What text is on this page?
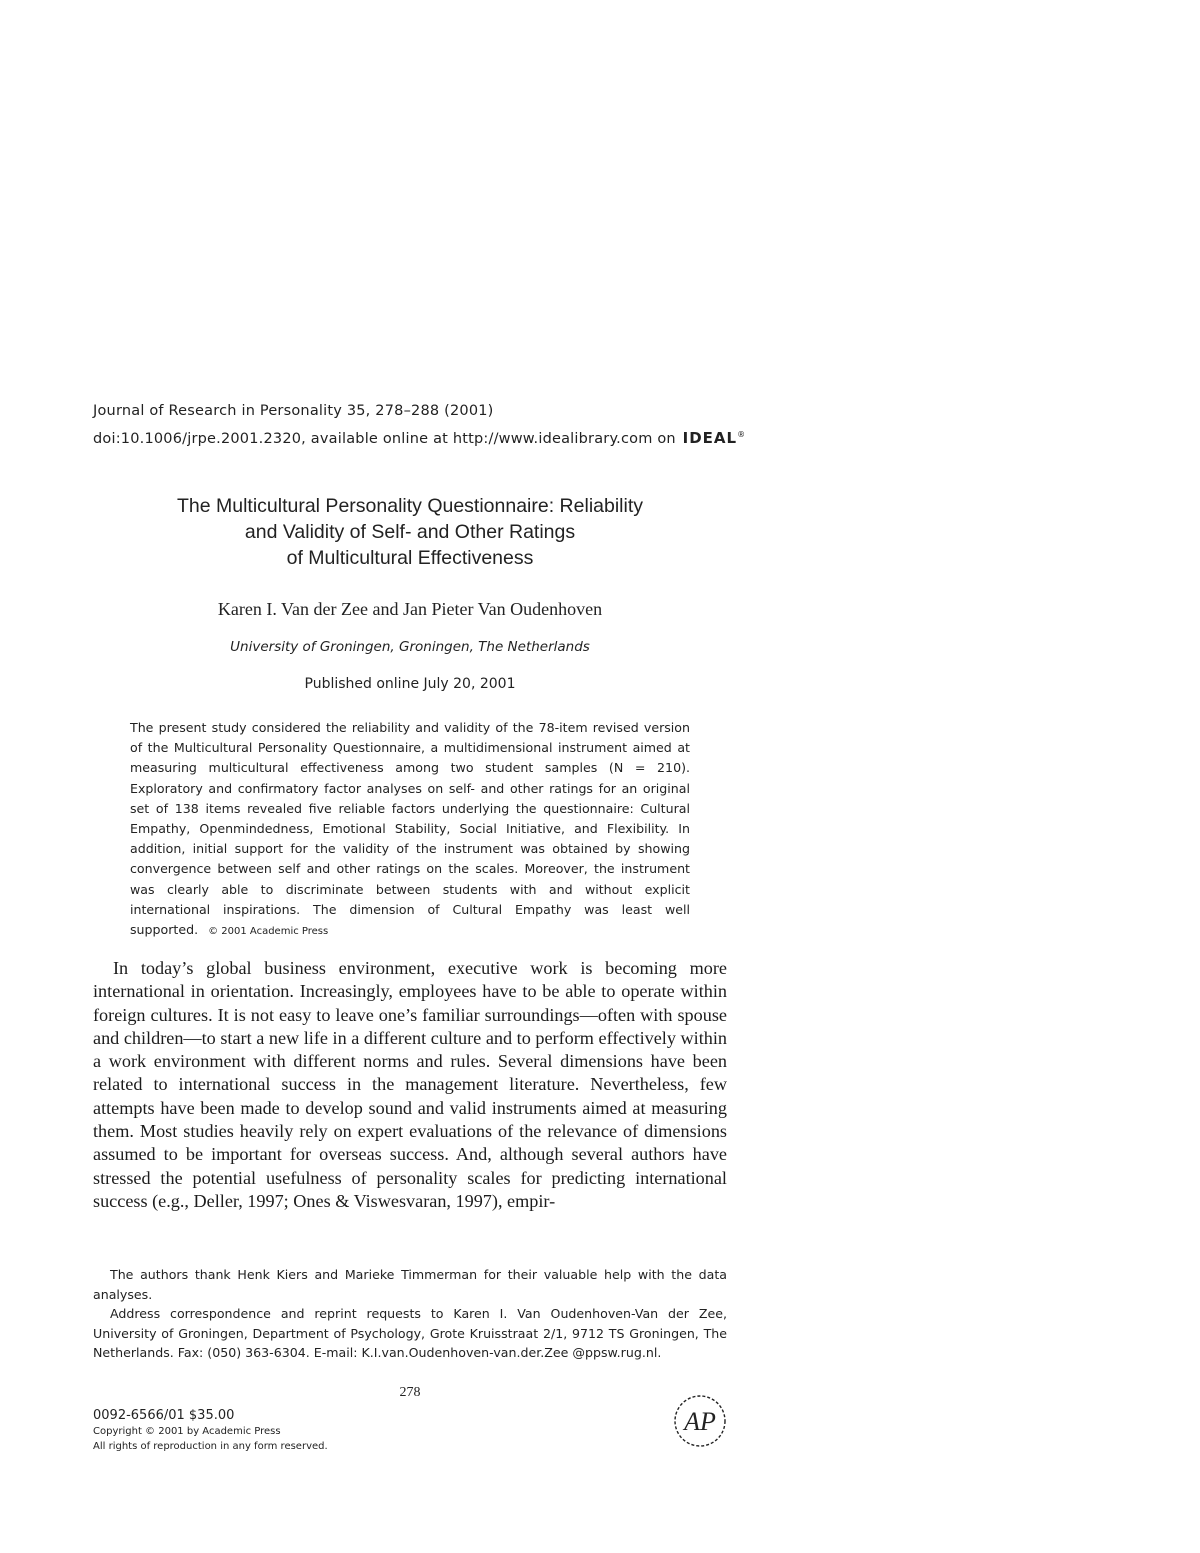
Journal of Research in Personality 35, 278–288 (2001)
doi:10.1006/jrpe.2001.2320, available online at http://www.idealibrary.com on IDEAL®
The Multicultural Personality Questionnaire: Reliability
and Validity of Self- and Other Ratings
of Multicultural Effectiveness
Karen I. Van der Zee and Jan Pieter Van Oudenhoven
University of Groningen, Groningen, The Netherlands
Published online July 20, 2001
The present study considered the reliability and validity of the 78-item revised version of the Multicultural Personality Questionnaire, a multidimensional instrument aimed at measuring multicultural effectiveness among two student samples (N = 210). Exploratory and confirmatory factor analyses on self- and other ratings for an original set of 138 items revealed five reliable factors underlying the questionnaire: Cultural Empathy, Openmindedness, Emotional Stability, Social Initiative, and Flexibility. In addition, initial support for the validity of the instrument was obtained by showing convergence between self and other ratings on the scales. Moreover, the instrument was clearly able to discriminate between students with and without explicit international inspirations. The dimension of Cultural Empathy was least well supported. © 2001 Academic Press

In today’s global business environment, executive work is becoming more international in orientation. Increasingly, employees have to be able to operate within foreign cultures. It is not easy to leave one’s familiar surroundings—often with spouse and children—to start a new life in a different culture and to perform effectively within a work environment with different norms and rules. Several dimensions have been related to international success in the management literature. Nevertheless, few attempts have been made to develop sound and valid instruments aimed at measuring them. Most studies heavily rely on expert evaluations of the relevance of dimensions assumed to be important for overseas success. And, although several authors have stressed the potential usefulness of personality scales for predicting international success (e.g., Deller, 1997; Ones & Viswesvaran, 1997), empir-

The authors thank Henk Kiers and Marieke Timmerman for their valuable help with the data analyses.

Address correspondence and reprint requests to Karen I. Van Oudenhoven-Van der Zee, University of Groningen, Department of Psychology, Grote Kruisstraat 2/1, 9712 TS Groningen, The Netherlands. Fax: (050) 363-6304. E-mail: K.I.van.Oudenhoven-van.der.Zee @ppsw.rug.nl.

278
0092-6566/01 $35.00
Copyright © 2001 by Academic Press
All rights of reproduction in any form reserved.
AP
